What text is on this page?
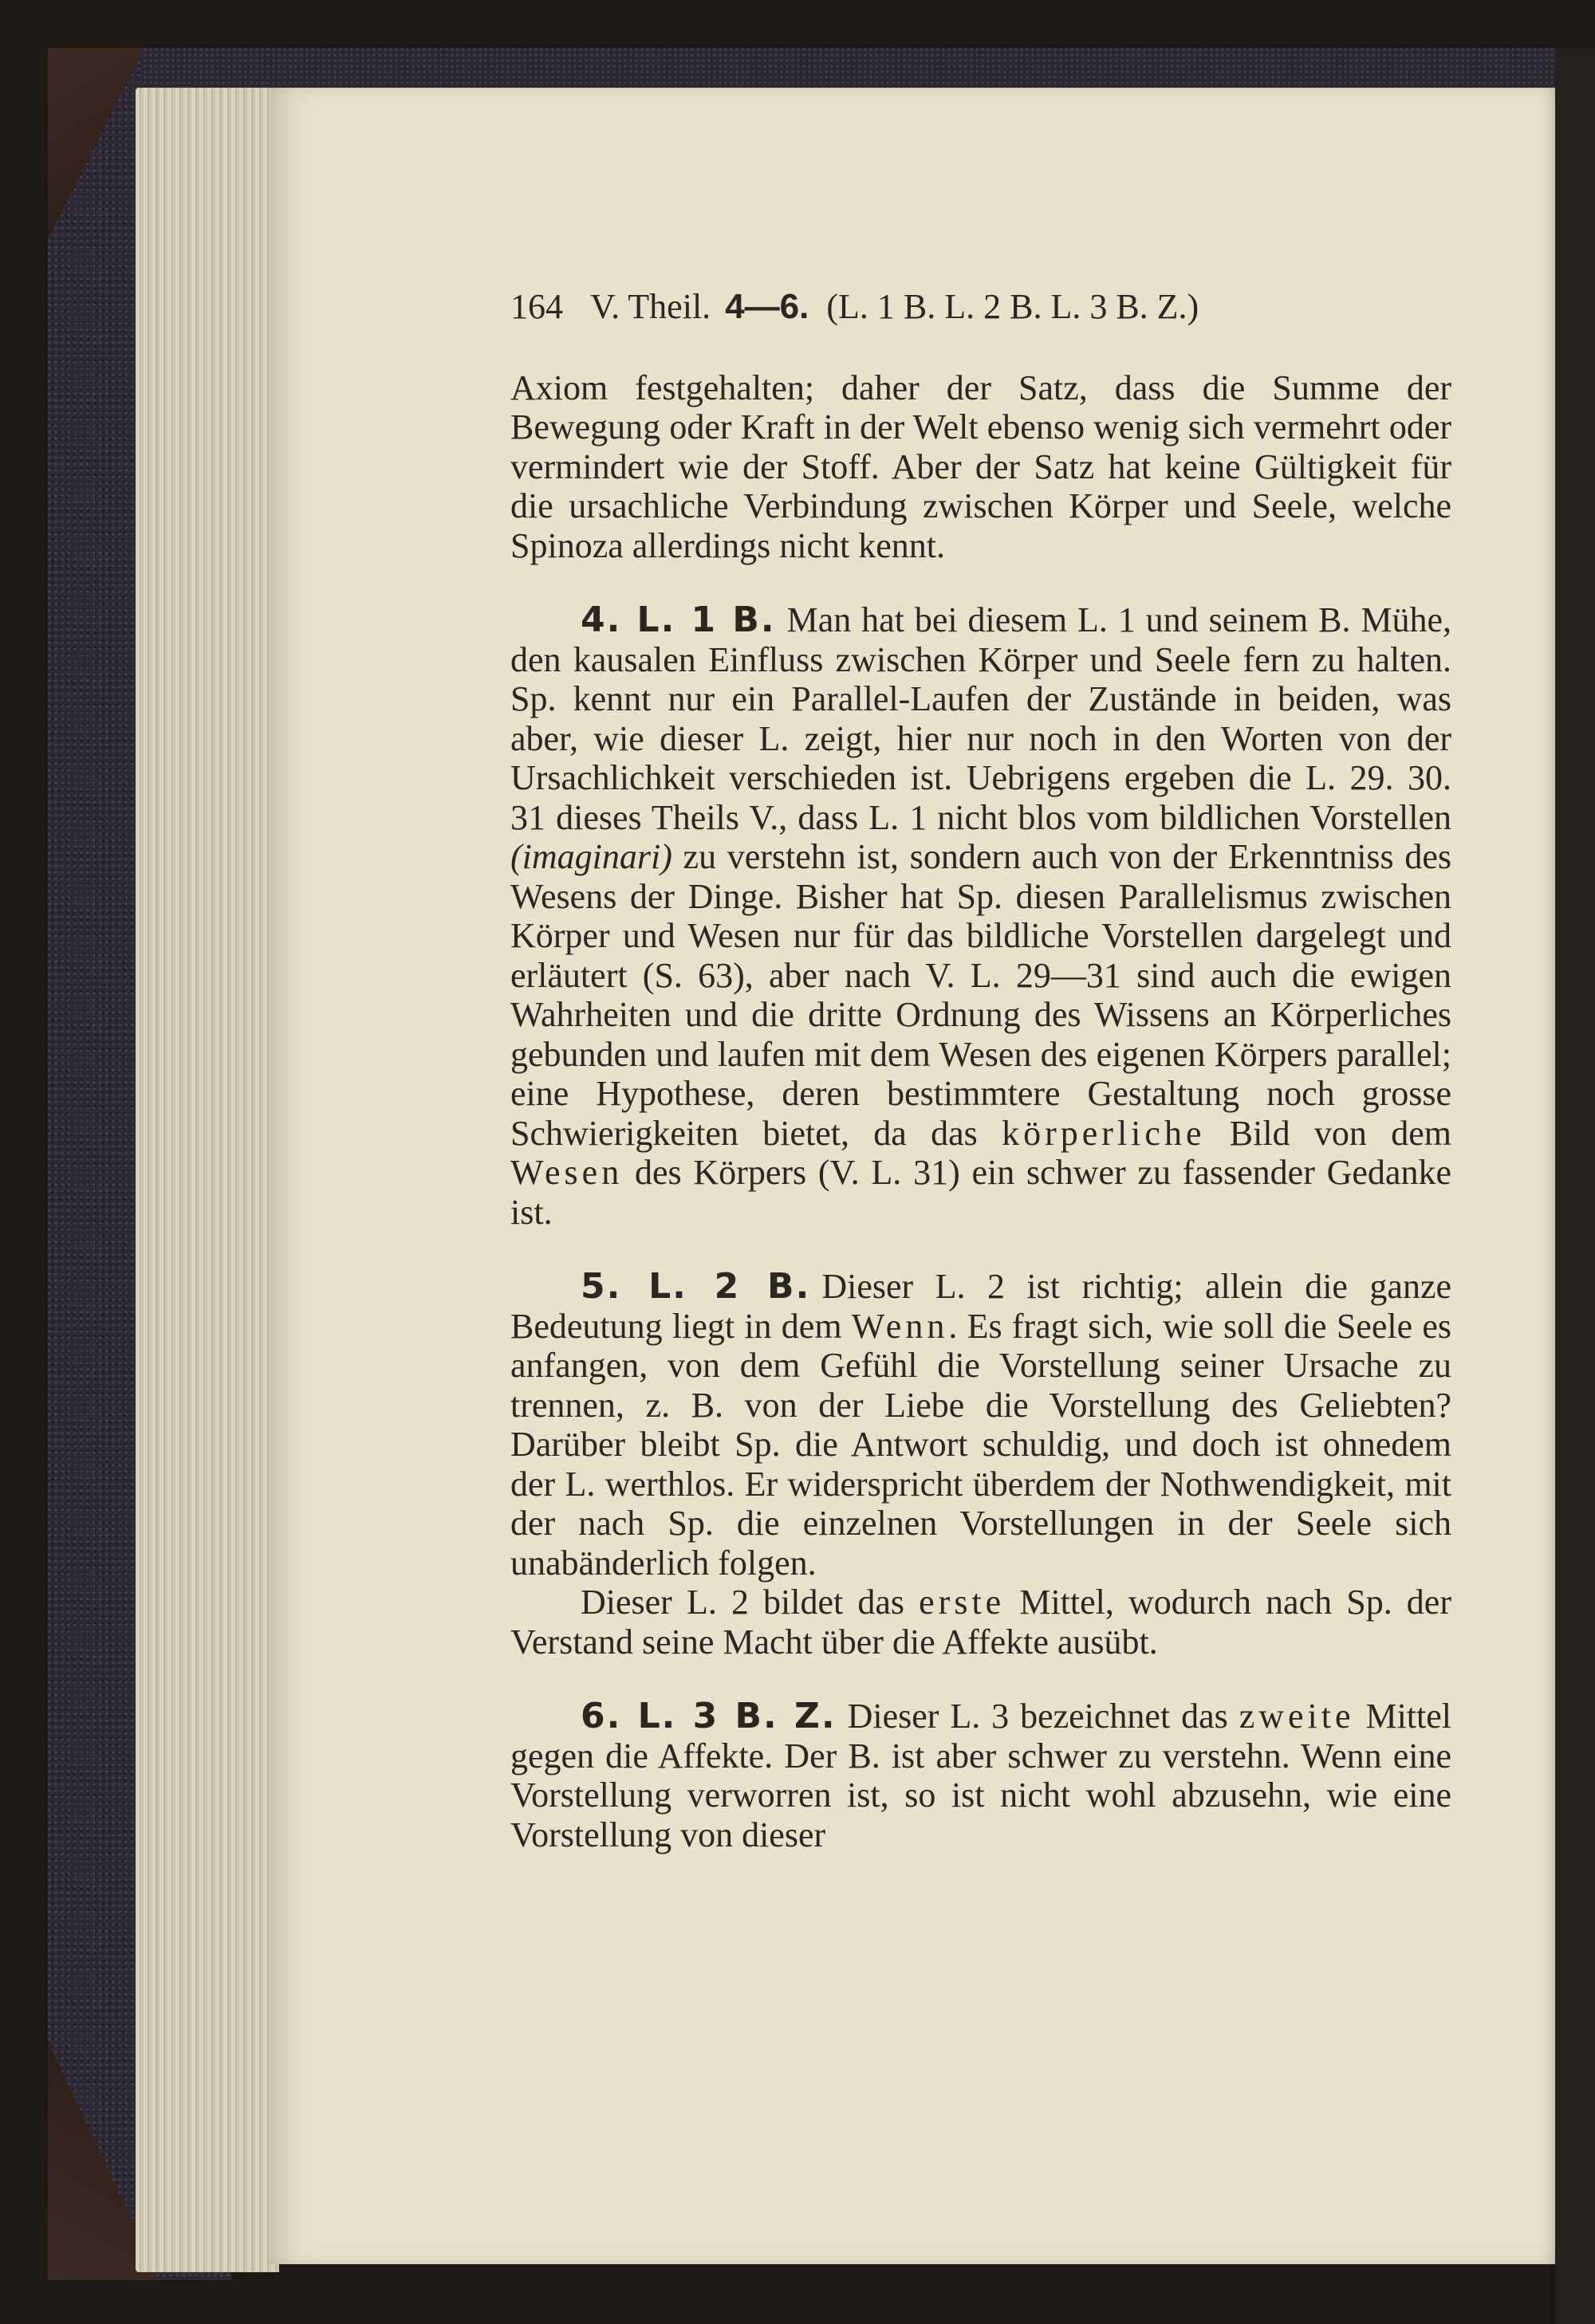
164 V. Theil. 4—6. (L. 1 B. L. 2 B. L. 3 B. Z.)

Axiom festgehalten; daher der Satz, dass die Summe der Bewegung oder Kraft in der Welt ebenso wenig sich vermehrt oder vermindert wie der Stoff. Aber der Satz hat keine Gültigkeit für die ursachliche Verbindung zwischen Körper und Seele, welche Spinoza allerdings nicht kennt.

4. L. 1 B. Man hat bei diesem L. 1 und seinem B. Mühe, den kausalen Einfluss zwischen Körper und Seele fern zu halten. Sp. kennt nur ein Parallel-Laufen der Zustände in beiden, was aber, wie dieser L. zeigt, hier nur noch in den Worten von der Ursachlichkeit verschieden ist. Uebrigens ergeben die L. 29. 30. 31 dieses Theils V., dass L. 1 nicht blos vom bildlichen Vorstellen (imaginari) zu verstehn ist, sondern auch von der Erkenntniss des Wesens der Dinge. Bisher hat Sp. diesen Parallelismus zwischen Körper und Wesen nur für das bildliche Vorstellen dargelegt und erläutert (S. 63), aber nach V. L. 29—31 sind auch die ewigen Wahrheiten und die dritte Ordnung des Wissens an Körperliches gebunden und laufen mit dem Wesen des eigenen Körpers parallel; eine Hypothese, deren bestimmtere Gestaltung noch grosse Schwierigkeiten bietet, da das körperliche Bild von dem Wesen des Körpers (V. L. 31) ein schwer zu fassender Gedanke ist.

5. L. 2 B. Dieser L. 2 ist richtig; allein die ganze Bedeutung liegt in dem Wenn. Es fragt sich, wie soll die Seele es anfangen, von dem Gefühl die Vorstellung seiner Ursache zu trennen, z. B. von der Liebe die Vorstellung des Geliebten? Darüber bleibt Sp. die Antwort schuldig, und doch ist ohnedem der L. werthlos. Er widerspricht überdem der Nothwendigkeit, mit der nach Sp. die einzelnen Vorstellungen in der Seele sich unabänderlich folgen.

Dieser L. 2 bildet das erste Mittel, wodurch nach Sp. der Verstand seine Macht über die Affekte ausübt.

6. L. 3 B. Z. Dieser L. 3 bezeichnet das zweite Mittel gegen die Affekte. Der B. ist aber schwer zu verstehn. Wenn eine Vorstellung verworren ist, so ist nicht wohl abzusehn, wie eine Vorstellung von dieser
